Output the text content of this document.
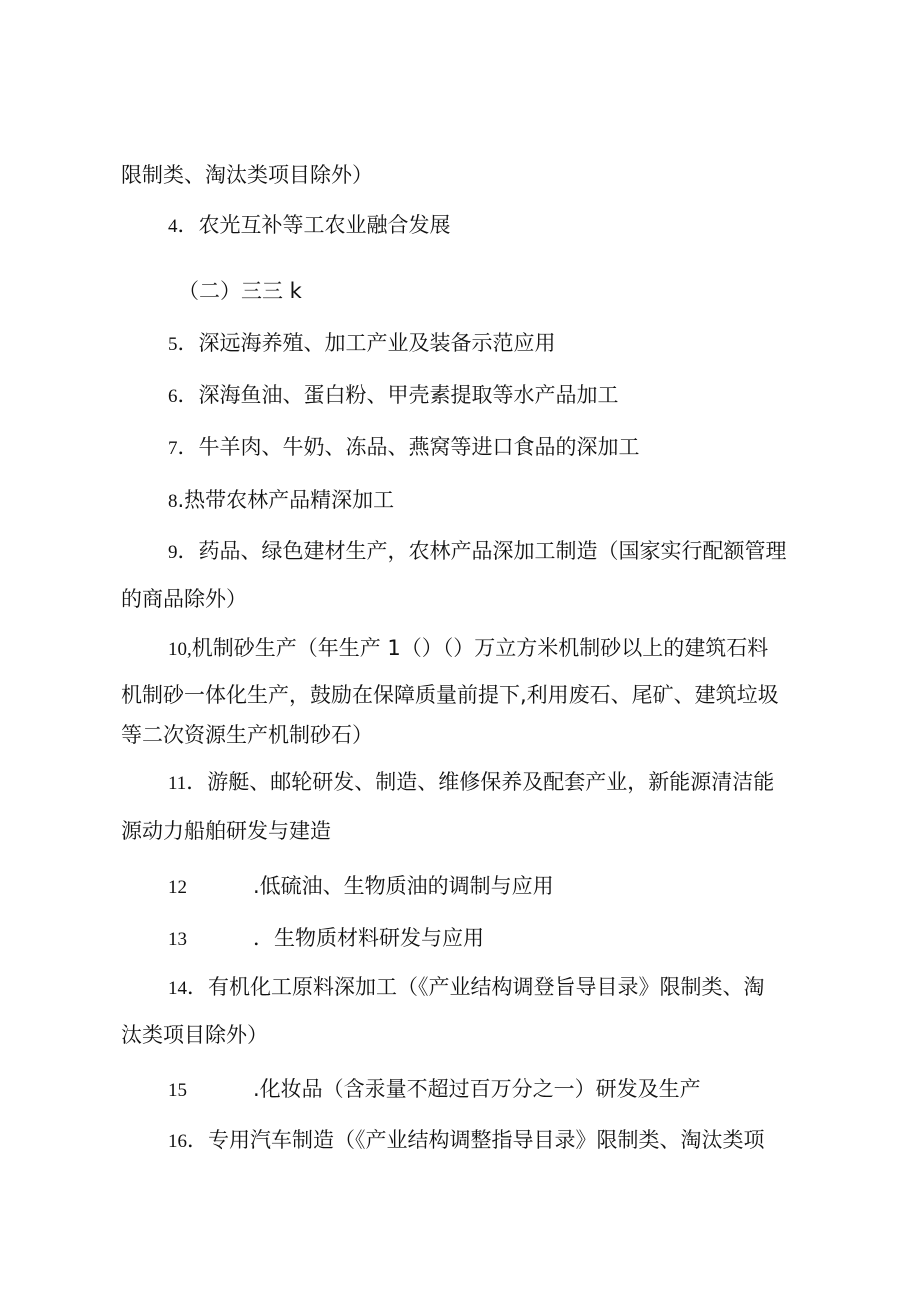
限制类、淘汰类项目除外）
4．农光互补等工农业融合发展
（二）三三 k
5．深远海养殖、加工产业及装备示范应用
6．深海鱼油、蛋白粉、甲壳素提取等水产品加工
7．牛羊肉、牛奶、冻品、燕窝等进口食品的深加工
8.热带农林产品精深加工
9．药品、绿色建材生产，农林产品深加工制造（国家实行配额管理
的商品除外）
10,机制砂生产（年生产 1（）（）万立方米机制砂以上的建筑石料
机制砂一体化生产，鼓励在保障质量前提下,利用废石、尾矿、建筑垃圾
等二次资源生产机制砂石）
11．游艇、邮轮研发、制造、维修保养及配套产业，新能源清洁能
源动力船舶研发与建造
12	.低硫油、生物质油的调制与应用
13	．生物质材料研发与应用
14．有机化工原料深加工（《产业结构调登旨导目录》限制类、淘
汰类项目除外）
15	.化妆品（含汞量不超过百万分之一）研发及生产
16．专用汽车制造（《产业结构调整指导目录》限制类、淘汰类项
